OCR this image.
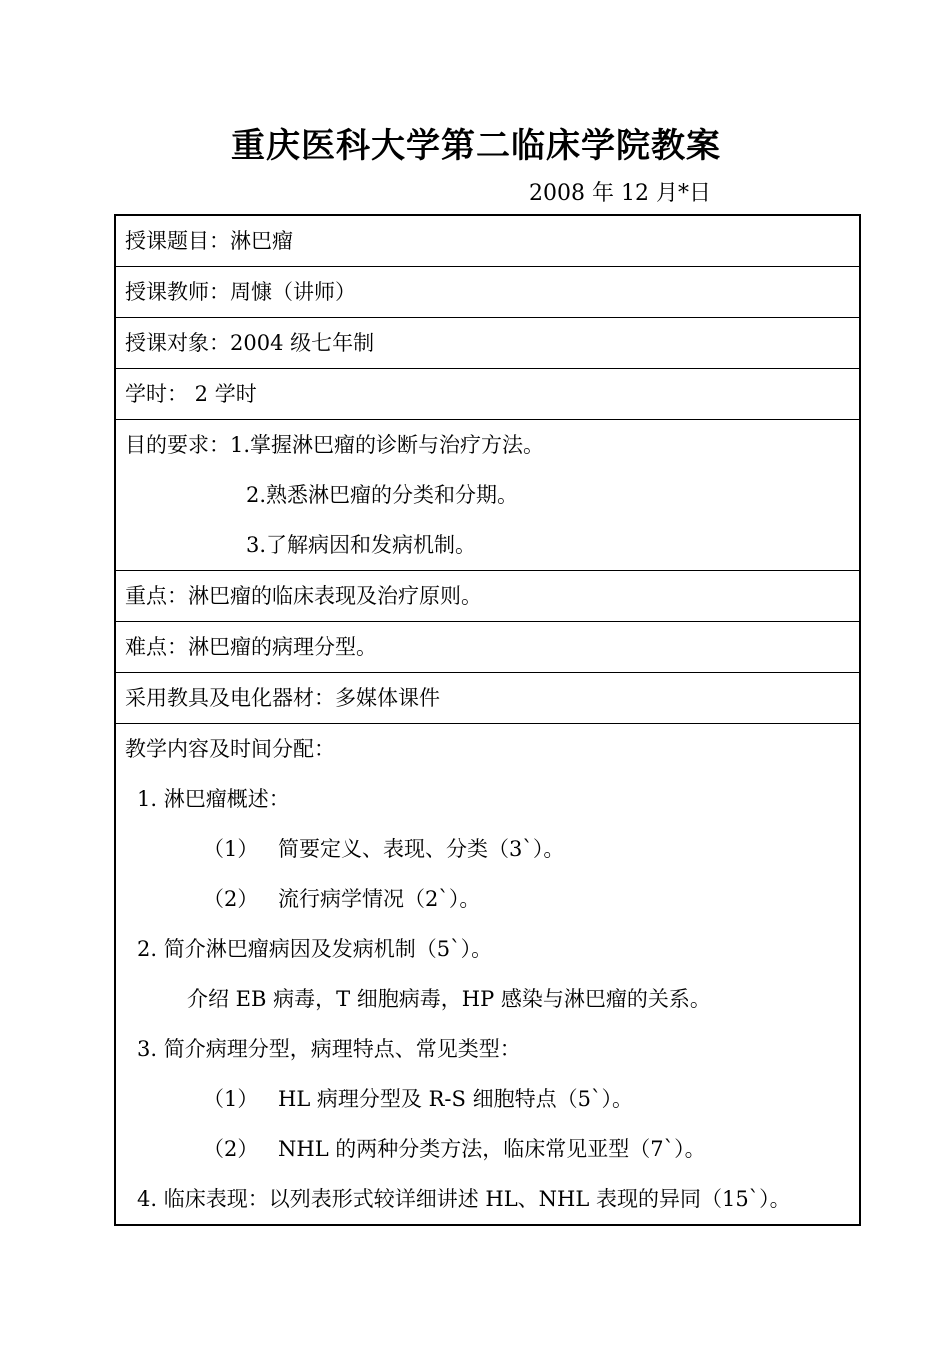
重庆医科大学第二临床学院教案
2008 年 12 月*日
授课题目：淋巴瘤
授课教师：周慷（讲师）
授课对象：2004 级七年制
学时： 2 学时
目的要求：1.掌握淋巴瘤的诊断与治疗方法。
2.熟悉淋巴瘤的分类和分期。
3.了解病因和发病机制。
重点：淋巴瘤的临床表现及治疗原则。
难点：淋巴瘤的病理分型。
采用教具及电化器材：多媒体课件
教学内容及时间分配：
1. 淋巴瘤概述：
（1） 简要定义、表现、分类（3`）。
（2） 流行病学情况（2`）。
2. 简介淋巴瘤病因及发病机制（5`）。
介绍 EB 病毒，T 细胞病毒，HP 感染与淋巴瘤的关系。
3. 简介病理分型，病理特点、常见类型：
（1） HL 病理分型及 R-S 细胞特点（5`）。
（2） NHL 的两种分类方法，临床常见亚型（7`）。
4. 临床表现：以列表形式较详细讲述 HL、NHL 表现的异同（15`）。
